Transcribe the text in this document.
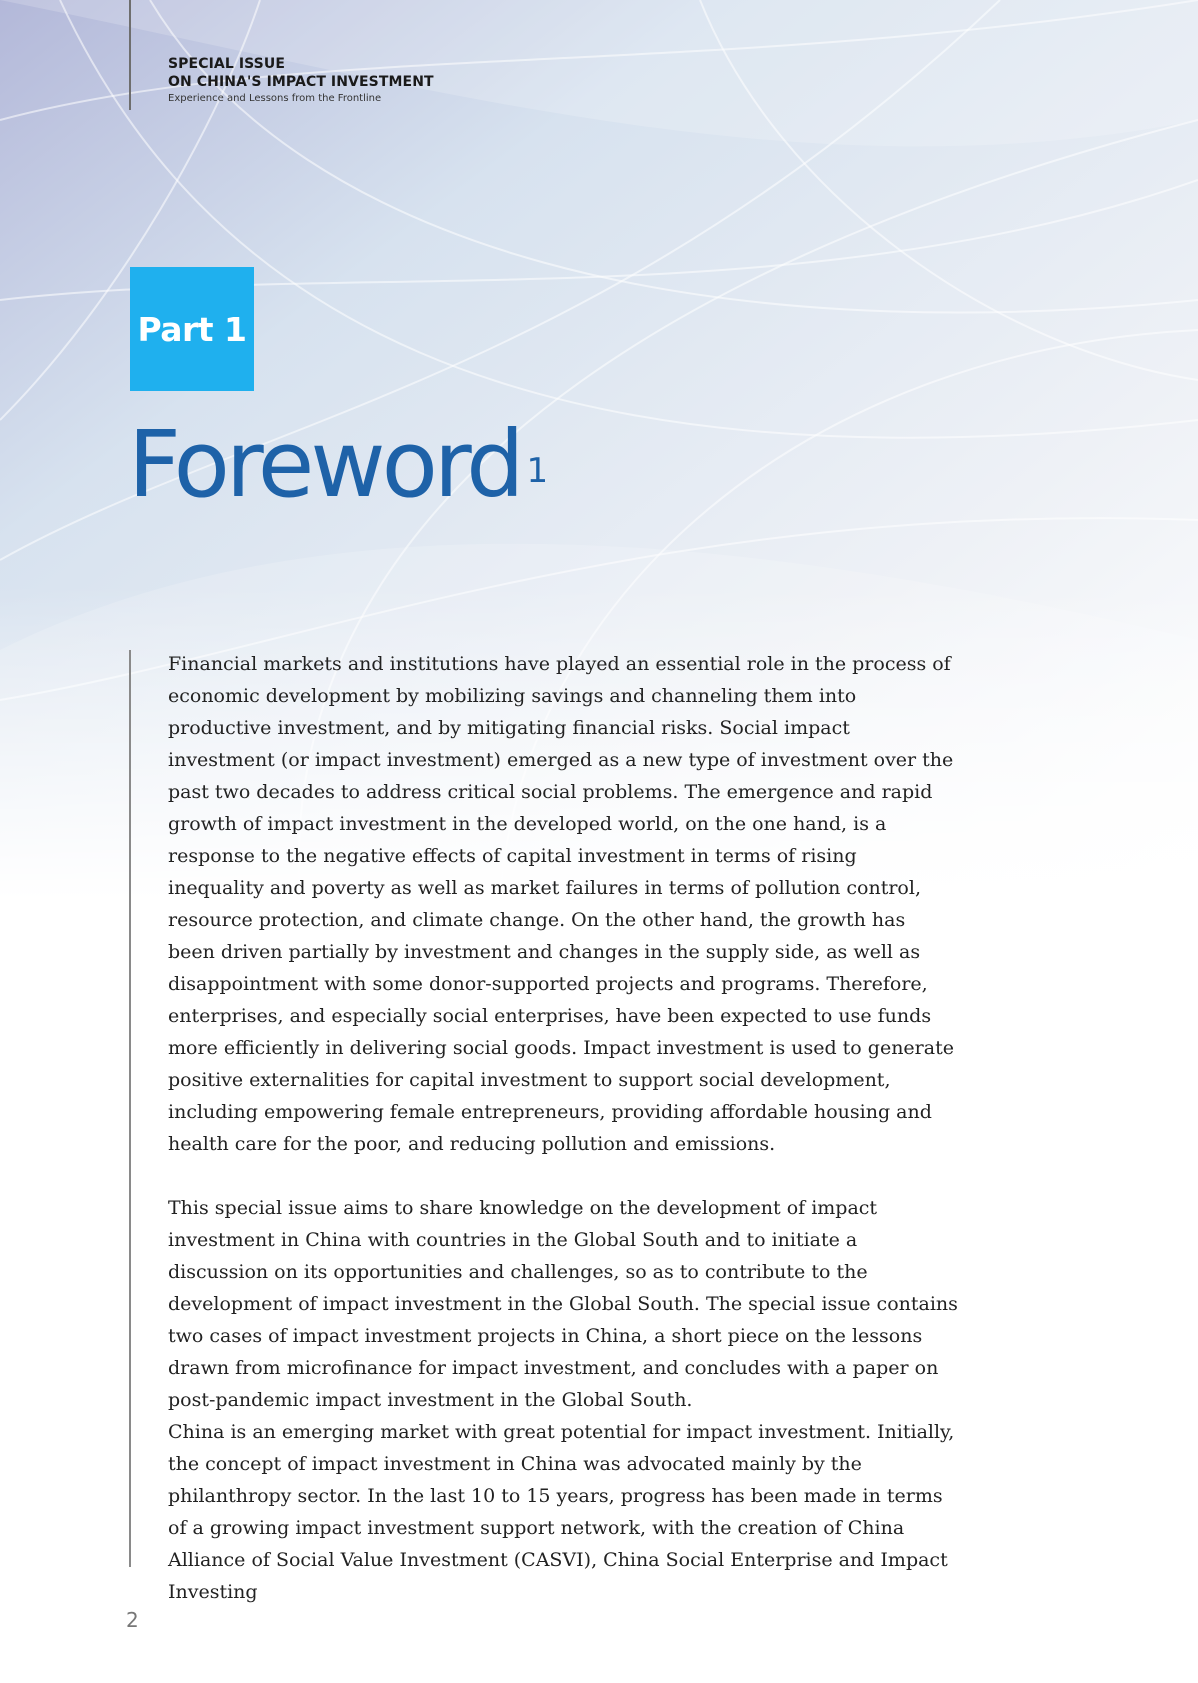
SPECIAL ISSUE
ON CHINA'S IMPACT INVESTMENT
Experience and Lessons from the Frontline
Part 1
Foreword $^1$

Financial markets and institutions have played an essential role in the process of economic development by mobilizing savings and channeling them into productive investment, and by mitigating financial risks. Social impact investment (or impact investment) emerged as a new type of investment over the past two decades to address critical social problems. The emergence and rapid growth of impact investment in the developed world, on the one hand, is a response to the negative effects of capital investment in terms of rising inequality and poverty as well as market failures in terms of pollution control, resource protection, and climate change. On the other hand, the growth has been driven partially by investment and changes in the supply side, as well as disappointment with some donor-supported projects and programs. Therefore, enterprises, and especially social enterprises, have been expected to use funds more efficiently in delivering social goods. Impact investment is used to generate positive externalities for capital investment to support social development, including empowering female entrepreneurs, providing affordable housing and health care for the poor, and reducing pollution and emissions.

This special issue aims to share knowledge on the development of impact investment in China with countries in the Global South and to initiate a discussion on its opportunities and challenges, so as to contribute to the development of impact investment in the Global South. The special issue contains two cases of impact investment projects in China, a short piece on the lessons drawn from microfinance for impact investment, and concludes with a paper on post-pandemic impact investment in the Global South.

China is an emerging market with great potential for impact investment. Initially, the concept of impact investment in China was advocated mainly by the philanthropy sector. In the last 10 to 15 years, progress has been made in terms of a growing impact investment support network, with the creation of China Alliance of Social Value Investment (CASVI), China Social Enterprise and Impact Investing

2
